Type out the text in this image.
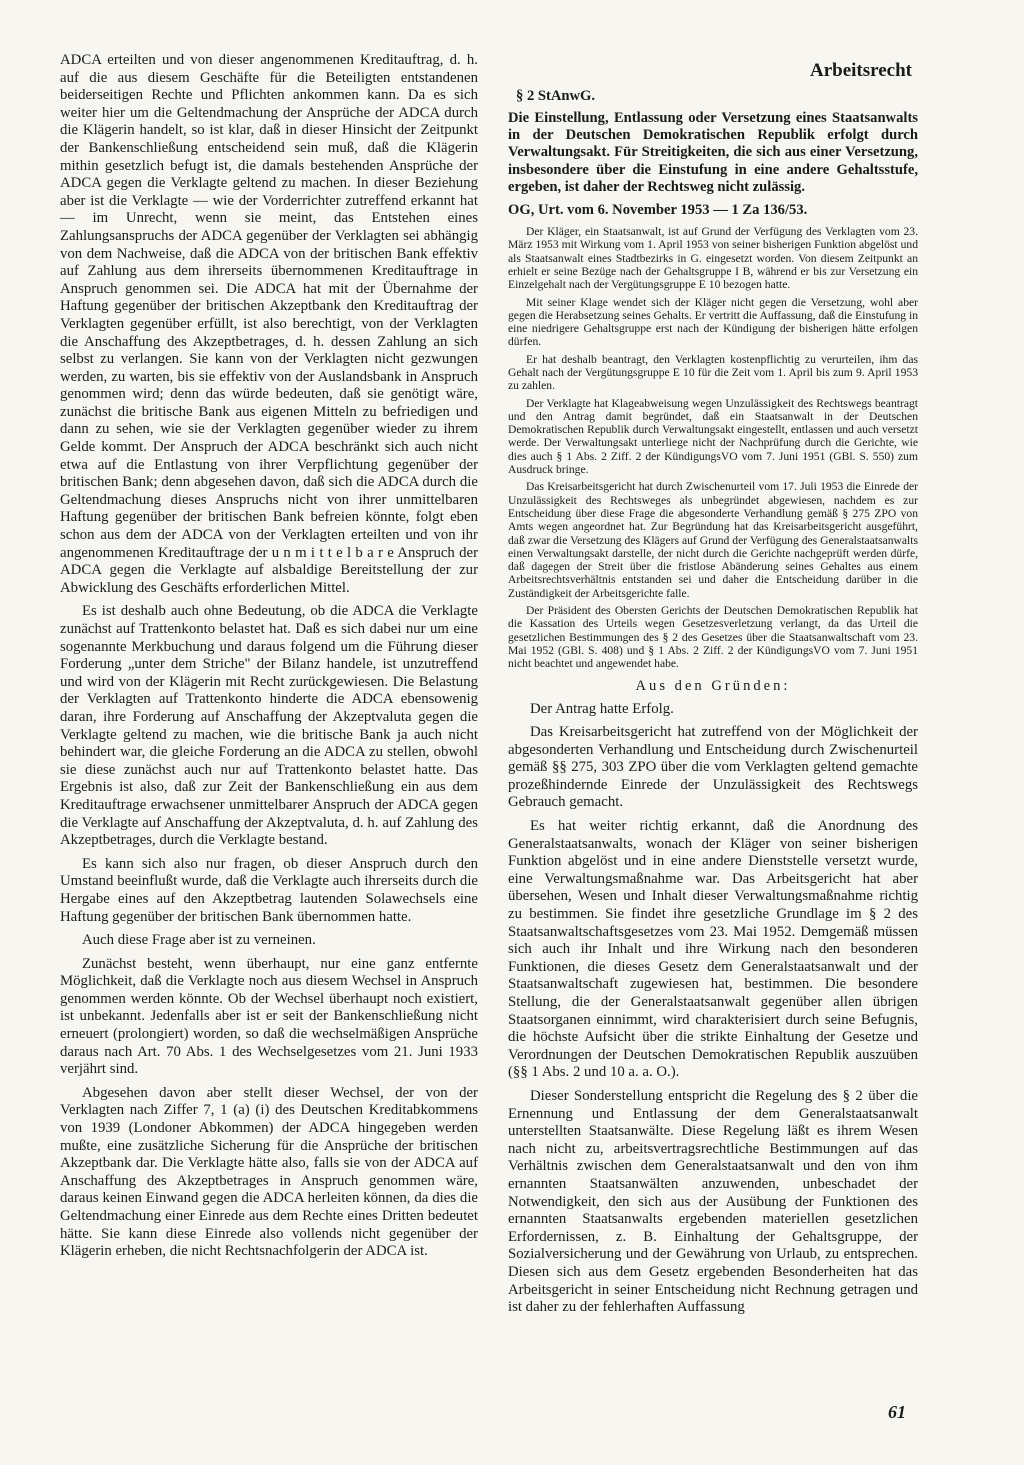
ADCA erteilten und von dieser angenommenen Kreditauftrag, d. h. auf die aus diesem Geschäfte für die Beteiligten entstandenen beiderseitigen Rechte und Pflichten ankommen kann. Da es sich weiter hier um die Geltendmachung der Ansprüche der ADCA durch die Klägerin handelt, so ist klar, daß in dieser Hinsicht der Zeitpunkt der Bankenschließung entscheidend sein muß, daß die Klägerin mithin gesetzlich befugt ist, die damals bestehenden Ansprüche der ADCA gegen die Verklagte geltend zu machen. In dieser Beziehung aber ist die Verklagte — wie der Vorderrichter zutreffend erkannt hat — im Unrecht, wenn sie meint, das Entstehen eines Zahlungsanspruchs der ADCA gegenüber der Verklagten sei abhängig von dem Nachweise, daß die ADCA von der britischen Bank effektiv auf Zahlung aus dem ihrerseits übernommenen Kreditauftrage in Anspruch genommen sei. Die ADCA hat mit der Übernahme der Haftung gegenüber der britischen Akzeptbank den Kreditauftrag der Verklagten gegenüber erfüllt, ist also berechtigt, von der Verklagten die Anschaffung des Akzeptbetrages, d. h. dessen Zahlung an sich selbst zu verlangen. Sie kann von der Verklagten nicht gezwungen werden, zu warten, bis sie effektiv von der Auslandsbank in Anspruch genommen wird; denn das würde bedeuten, daß sie genötigt wäre, zunächst die britische Bank aus eigenen Mitteln zu befriedigen und dann zu sehen, wie sie der Verklagten gegenüber wieder zu ihrem Gelde kommt. Der Anspruch der ADCA beschränkt sich auch nicht etwa auf die Entlastung von ihrer Verpflichtung gegenüber der britischen Bank; denn abgesehen davon, daß sich die ADCA durch die Geltendmachung dieses Anspruchs nicht von ihrer unmittelbaren Haftung gegenüber der britischen Bank befreien könnte, folgt eben schon aus dem der ADCA von der Verklagten erteilten und von ihr angenommenen Kreditauftrage der u n m i t t e l b a r e Anspruch der ADCA gegen die Verklagte auf alsbaldige Bereitstellung der zur Abwicklung des Geschäfts erforderlichen Mittel.

Es ist deshalb auch ohne Bedeutung, ob die ADCA die Verklagte zunächst auf Trattenkonto belastet hat. Daß es sich dabei nur um eine sogenannte Merkbuchung und daraus folgend um die Führung dieser Forderung „unter dem Striche" der Bilanz handele, ist unzutreffend und wird von der Klägerin mit Recht zurückgewiesen. Die Belastung der Verklagten auf Trattenkonto hinderte die ADCA ebensowenig daran, ihre Forderung auf Anschaffung der Akzeptvaluta gegen die Verklagte geltend zu machen, wie die britische Bank ja auch nicht behindert war, die gleiche Forderung an die ADCA zu stellen, obwohl sie diese zunächst auch nur auf Trattenkonto belastet hatte. Das Ergebnis ist also, daß zur Zeit der Bankenschließung ein aus dem Kreditauftrage erwachsener unmittelbarer Anspruch der ADCA gegen die Verklagte auf Anschaffung der Akzeptvaluta, d. h. auf Zahlung des Akzeptbetrages, durch die Verklagte bestand.

Es kann sich also nur fragen, ob dieser Anspruch durch den Umstand beeinflußt wurde, daß die Verklagte auch ihrerseits durch die Hergabe eines auf den Akzeptbetrag lautenden Solawechsels eine Haftung gegenüber der britischen Bank übernommen hatte.

Auch diese Frage aber ist zu verneinen.

Zunächst besteht, wenn überhaupt, nur eine ganz entfernte Möglichkeit, daß die Verklagte noch aus diesem Wechsel in Anspruch genommen werden könnte. Ob der Wechsel überhaupt noch existiert, ist unbekannt. Jedenfalls aber ist er seit der Bankenschließung nicht erneuert (prolongiert) worden, so daß die wechselmäßigen Ansprüche daraus nach Art. 70 Abs. 1 des Wechselgesetzes vom 21. Juni 1933 verjährt sind.

Abgesehen davon aber stellt dieser Wechsel, der von der Verklagten nach Ziffer 7, 1 (a) (i) des Deutschen Kreditabkommens von 1939 (Londoner Abkommen) der ADCA hingegeben werden mußte, eine zusätzliche Sicherung für die Ansprüche der britischen Akzeptbank dar. Die Verklagte hätte also, falls sie von der ADCA auf Anschaffung des Akzeptbetrages in Anspruch genommen wäre, daraus keinen Einwand gegen die ADCA herleiten können, da dies die Geltendmachung einer Einrede aus dem Rechte eines Dritten bedeutet hätte. Sie kann diese Einrede also vollends nicht gegenüber der Klägerin erheben, die nicht Rechtsnachfolgerin der ADCA ist.

Arbeitsrecht
§ 2 StAnwG.

Die Einstellung, Entlassung oder Versetzung eines Staatsanwalts in der Deutschen Demokratischen Republik erfolgt durch Verwaltungsakt. Für Streitigkeiten, die sich aus einer Versetzung, insbesondere über die Einstufung in eine andere Gehaltsstufe, ergeben, ist daher der Rechtsweg nicht zulässig.

OG, Urt. vom 6. November 1953 — 1 Za 136/53.

Der Kläger, ein Staatsanwalt, ist auf Grund der Verfügung des Verklagten vom 23. März 1953 mit Wirkung vom 1. April 1953 von seiner bisherigen Funktion abgelöst und als Staatsanwalt eines Stadtbezirks in G. eingesetzt worden. Von diesem Zeitpunkt an erhielt er seine Bezüge nach der Gehaltsgruppe I B, während er bis zur Versetzung ein Einzelgehalt nach der Vergütungsgruppe E 10 bezogen hatte.

Mit seiner Klage wendet sich der Kläger nicht gegen die Versetzung, wohl aber gegen die Herabsetzung seines Gehalts. Er vertritt die Auffassung, daß die Einstufung in eine niedrigere Gehaltsgruppe erst nach der Kündigung der bisherigen hätte erfolgen dürfen.

Er hat deshalb beantragt, den Verklagten kostenpflichtig zu verurteilen, ihm das Gehalt nach der Vergütungsgruppe E 10 für die Zeit vom 1. April bis zum 9. April 1953 zu zahlen.

Der Verklagte hat Klageabweisung wegen Unzulässigkeit des Rechtswegs beantragt und den Antrag damit begründet, daß ein Staatsanwalt in der Deutschen Demokratischen Republik durch Verwaltungsakt eingestellt, entlassen und auch versetzt werde. Der Verwaltungsakt unterliege nicht der Nachprüfung durch die Gerichte, wie dies auch § 1 Abs. 2 Ziff. 2 der KündigungsVO vom 7. Juni 1951 (GBl. S. 550) zum Ausdruck bringe.

Das Kreisarbeitsgericht hat durch Zwischenurteil vom 17. Juli 1953 die Einrede der Unzulässigkeit des Rechtsweges als unbegründet abgewiesen, nachdem es zur Entscheidung über diese Frage die abgesonderte Verhandlung gemäß § 275 ZPO von Amts wegen angeordnet hat. Zur Begründung hat das Kreisarbeitsgericht ausgeführt, daß zwar die Versetzung des Klägers auf Grund der Verfügung des Generalstaatsanwalts einen Verwaltungsakt darstelle, der nicht durch die Gerichte nachgeprüft werden dürfe, daß dagegen der Streit über die fristlose Abänderung seines Gehaltes aus einem Arbeitsrechtsverhältnis entstanden sei und daher die Entscheidung darüber in die Zuständigkeit der Arbeitsgerichte falle.

Der Präsident des Obersten Gerichts der Deutschen Demokratischen Republik hat die Kassation des Urteils wegen Gesetzesverletzung verlangt, da das Urteil die gesetzlichen Bestimmungen des § 2 des Gesetzes über die Staatsanwaltschaft vom 23. Mai 1952 (GBl. S. 408) und § 1 Abs. 2 Ziff. 2 der KündigungsVO vom 7. Juni 1951 nicht beachtet und angewendet habe.

Aus den Gründen:

Der Antrag hatte Erfolg.

Das Kreisarbeitsgericht hat zutreffend von der Möglichkeit der abgesonderten Verhandlung und Entscheidung durch Zwischenurteil gemäß §§ 275, 303 ZPO über die vom Verklagten geltend gemachte prozeßhindernde Einrede der Unzulässigkeit des Rechtswegs Gebrauch gemacht.

Es hat weiter richtig erkannt, daß die Anordnung des Generalstaatsanwalts, wonach der Kläger von seiner bisherigen Funktion abgelöst und in eine andere Dienststelle versetzt wurde, eine Verwaltungsmaßnahme war. Das Arbeitsgericht hat aber übersehen, Wesen und Inhalt dieser Verwaltungsmaßnahme richtig zu bestimmen. Sie findet ihre gesetzliche Grundlage im § 2 des Staatsanwaltschaftsgesetzes vom 23. Mai 1952. Demgemäß müssen sich auch ihr Inhalt und ihre Wirkung nach den besonderen Funktionen, die dieses Gesetz dem Generalstaatsanwalt und der Staatsanwaltschaft zugewiesen hat, bestimmen. Die besondere Stellung, die der Generalstaatsanwalt gegenüber allen übrigen Staatsorganen einnimmt, wird charakterisiert durch seine Befugnis, die höchste Aufsicht über die strikte Einhaltung der Gesetze und Verordnungen der Deutschen Demokratischen Republik auszuüben (§§ 1 Abs. 2 und 10 a. a. O.).

Dieser Sonderstellung entspricht die Regelung des § 2 über die Ernennung und Entlassung der dem Generalstaatsanwalt unterstellten Staatsanwälte. Diese Regelung läßt es ihrem Wesen nach nicht zu, arbeitsvertragsrechtliche Bestimmungen auf das Verhältnis zwischen dem Generalstaatsanwalt und den von ihm ernannten Staatsanwälten anzuwenden, unbeschadet der Notwendigkeit, den sich aus der Ausübung der Funktionen des ernannten Staatsanwalts ergebenden materiellen gesetzlichen Erfordernissen, z. B. Einhaltung der Gehaltsgruppe, der Sozialversicherung und der Gewährung von Urlaub, zu entsprechen. Diesen sich aus dem Gesetz ergebenden Besonderheiten hat das Arbeitsgericht in seiner Entscheidung nicht Rechnung getragen und ist daher zu der fehlerhaften Auffassung

61
